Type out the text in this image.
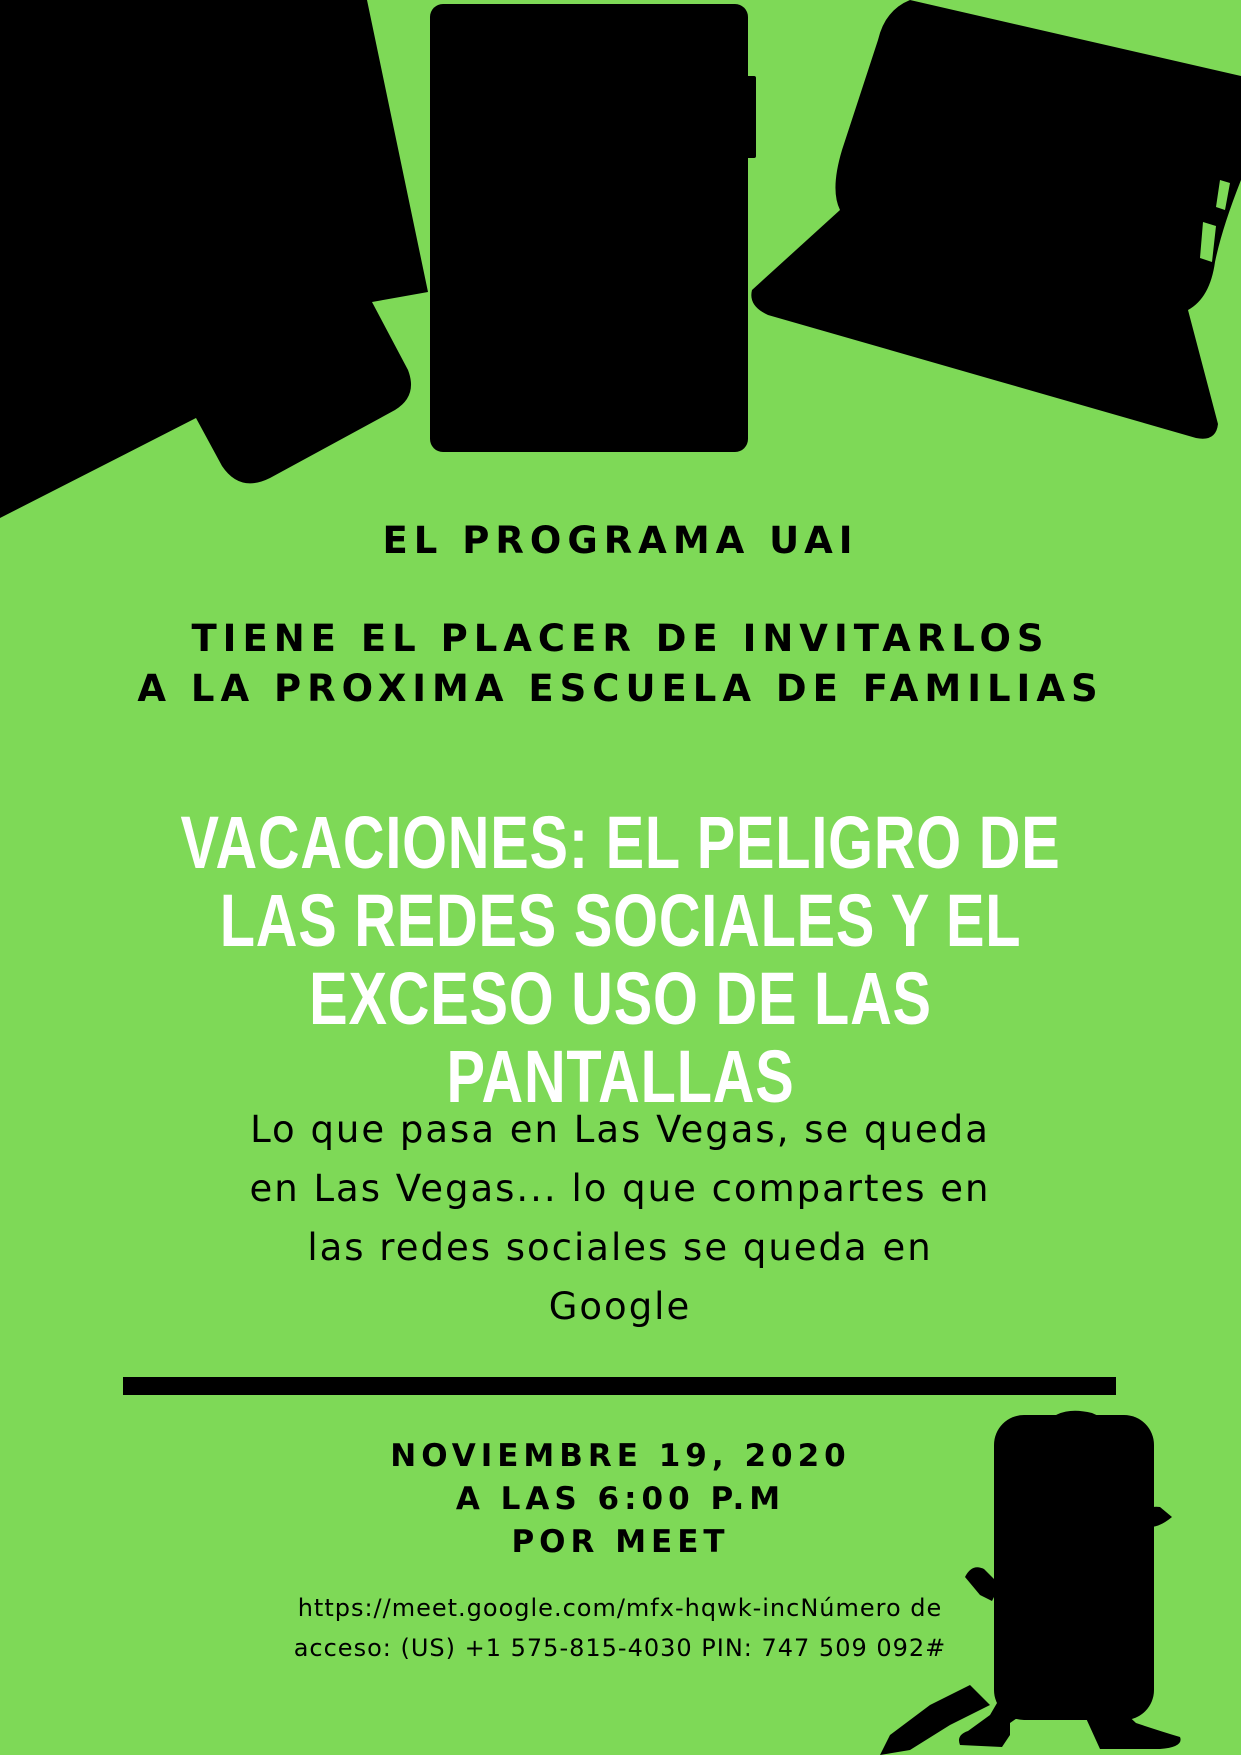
EL PROGRAMA UAI
TIENE EL PLACER DE INVITARLOS
A LA PROXIMA ESCUELA DE FAMILIAS
VACACIONES: EL PELIGRO DE LAS REDES SOCIALES Y EL EXCESO USO DE LAS PANTALLAS

Lo que pasa en Las Vegas, se queda en Las Vegas... lo que compartes en las redes sociales se queda en Google

NOVIEMBRE 19, 2020
A LAS 6:00 P.M
POR MEET

https://meet.google.com/mfx-hqwk-incNúmero de acceso: (US) +1 575-815-4030 PIN: 747 509 092#
